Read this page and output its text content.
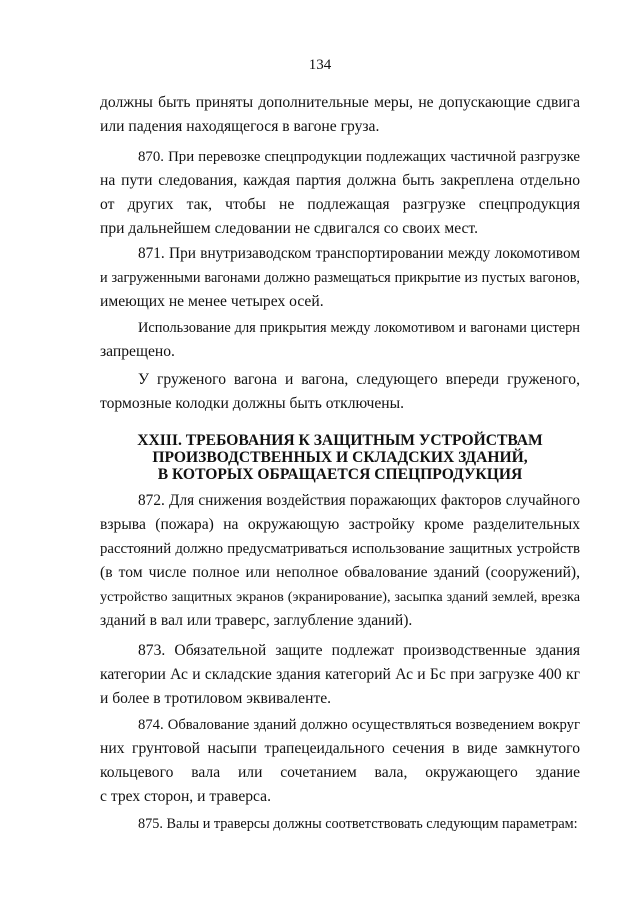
134
должны быть приняты дополнительные меры, не допускающие сдвига
или падения находящегося в вагоне груза.
870. При перевозке спецпродукции подлежащих частичной разгрузке
на пути следования, каждая партия должна быть закреплена отдельно
от других так, чтобы не подлежащая разгрузке спецпродукция
при дальнейшем следовании не сдвигался со своих мест.
871. При внутризаводском транспортировании между локомотивом
и загруженными вагонами должно размещаться прикрытие из пустых вагонов,
имеющих не менее четырех осей.
Использование для прикрытия между локомотивом и вагонами цистерн
запрещено.
У груженого вагона и вагона, следующего впереди груженого,
тормозные колодки должны быть отключены.
XXIII. ТРЕБОВАНИЯ К ЗАЩИТНЫМ УСТРОЙСТВАМ
ПРОИЗВОДСТВЕННЫХ И СКЛАДСКИХ ЗДАНИЙ,
В КОТОРЫХ ОБРАЩАЕТСЯ СПЕЦПРОДУКЦИЯ
872. Для снижения воздействия поражающих факторов случайного
взрыва (пожара) на окружающую застройку кроме разделительных
расстояний должно предусматриваться использование защитных устройств
(в том числе полное или неполное обвалование зданий (сооружений),
устройство защитных экранов (экранирование), засыпка зданий землей, врезка
зданий в вал или траверс, заглубление зданий).
873. Обязательной защите подлежат производственные здания
категории Ас и складские здания категорий Ас и Бс при загрузке 400 кг
и более в тротиловом эквиваленте.
874. Обвалование зданий должно осуществляться возведением вокруг
них грунтовой насыпи трапецеидального сечения в виде замкнутого
кольцевого вала или сочетанием вала, окружающего здание
с трех сторон, и траверса.
875. Валы и траверсы должны соответствовать следующим параметрам:
